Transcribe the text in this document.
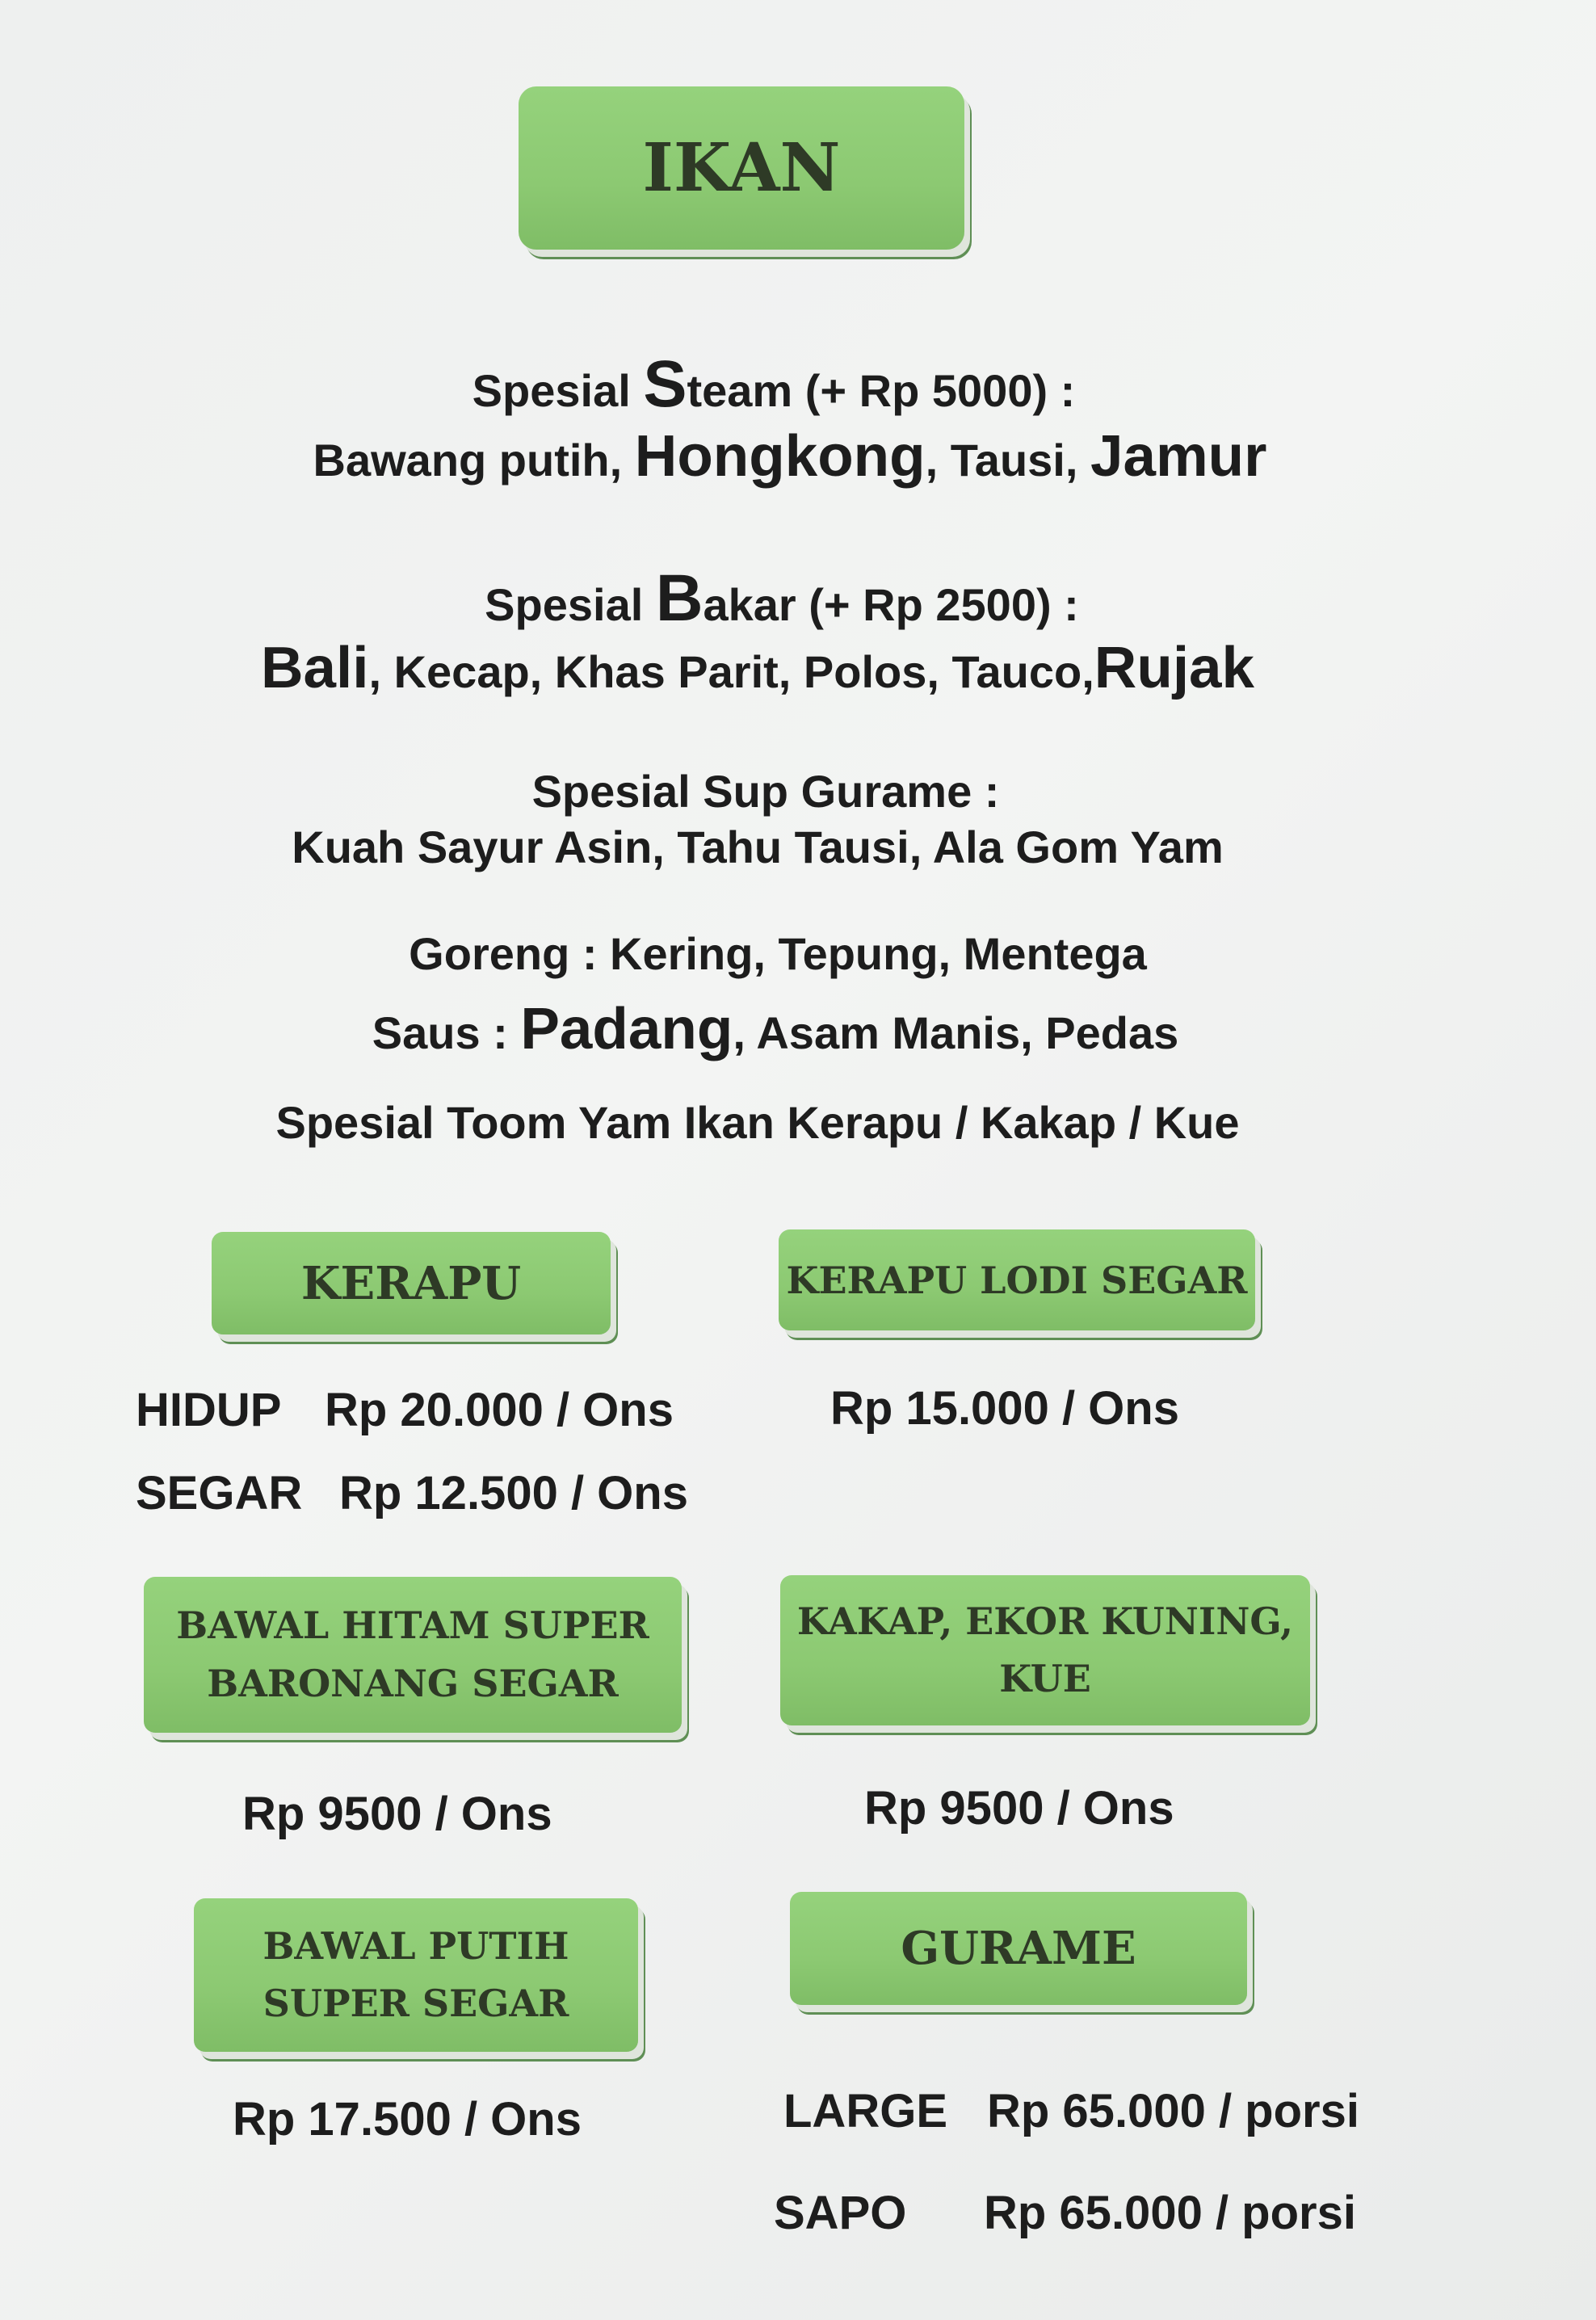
IKAN
Spesial Steam (+ Rp 5000) :
Bawang putih, Hongkong, Tausi, Jamur
Spesial Bakar (+ Rp 2500) :
Bali, Kecap, Khas Parit, Polos, Tauco,Rujak
Spesial Sup Gurame :
Kuah Sayur Asin, Tahu Tausi, Ala Gom Yam
Goreng : Kering, Tepung, Mentega
Saus : Padang, Asam Manis, Pedas
Spesial Toom Yam Ikan Kerapu / Kakap / Kue
KERAPU
HIDUP Rp 20.000 / Ons
SEGAR Rp 12.500 / Ons
KERAPU LODI SEGAR
Rp 15.000 / Ons
BAWAL HITAM SUPER
BARONANG SEGAR
Rp 9500 / Ons
KAKAP, EKOR KUNING,
KUE
Rp 9500 / Ons
BAWAL PUTIH
SUPER SEGAR
Rp 17.500 / Ons
GURAME
LARGE Rp 65.000 / porsi
SAPO Rp 65.000 / porsi
